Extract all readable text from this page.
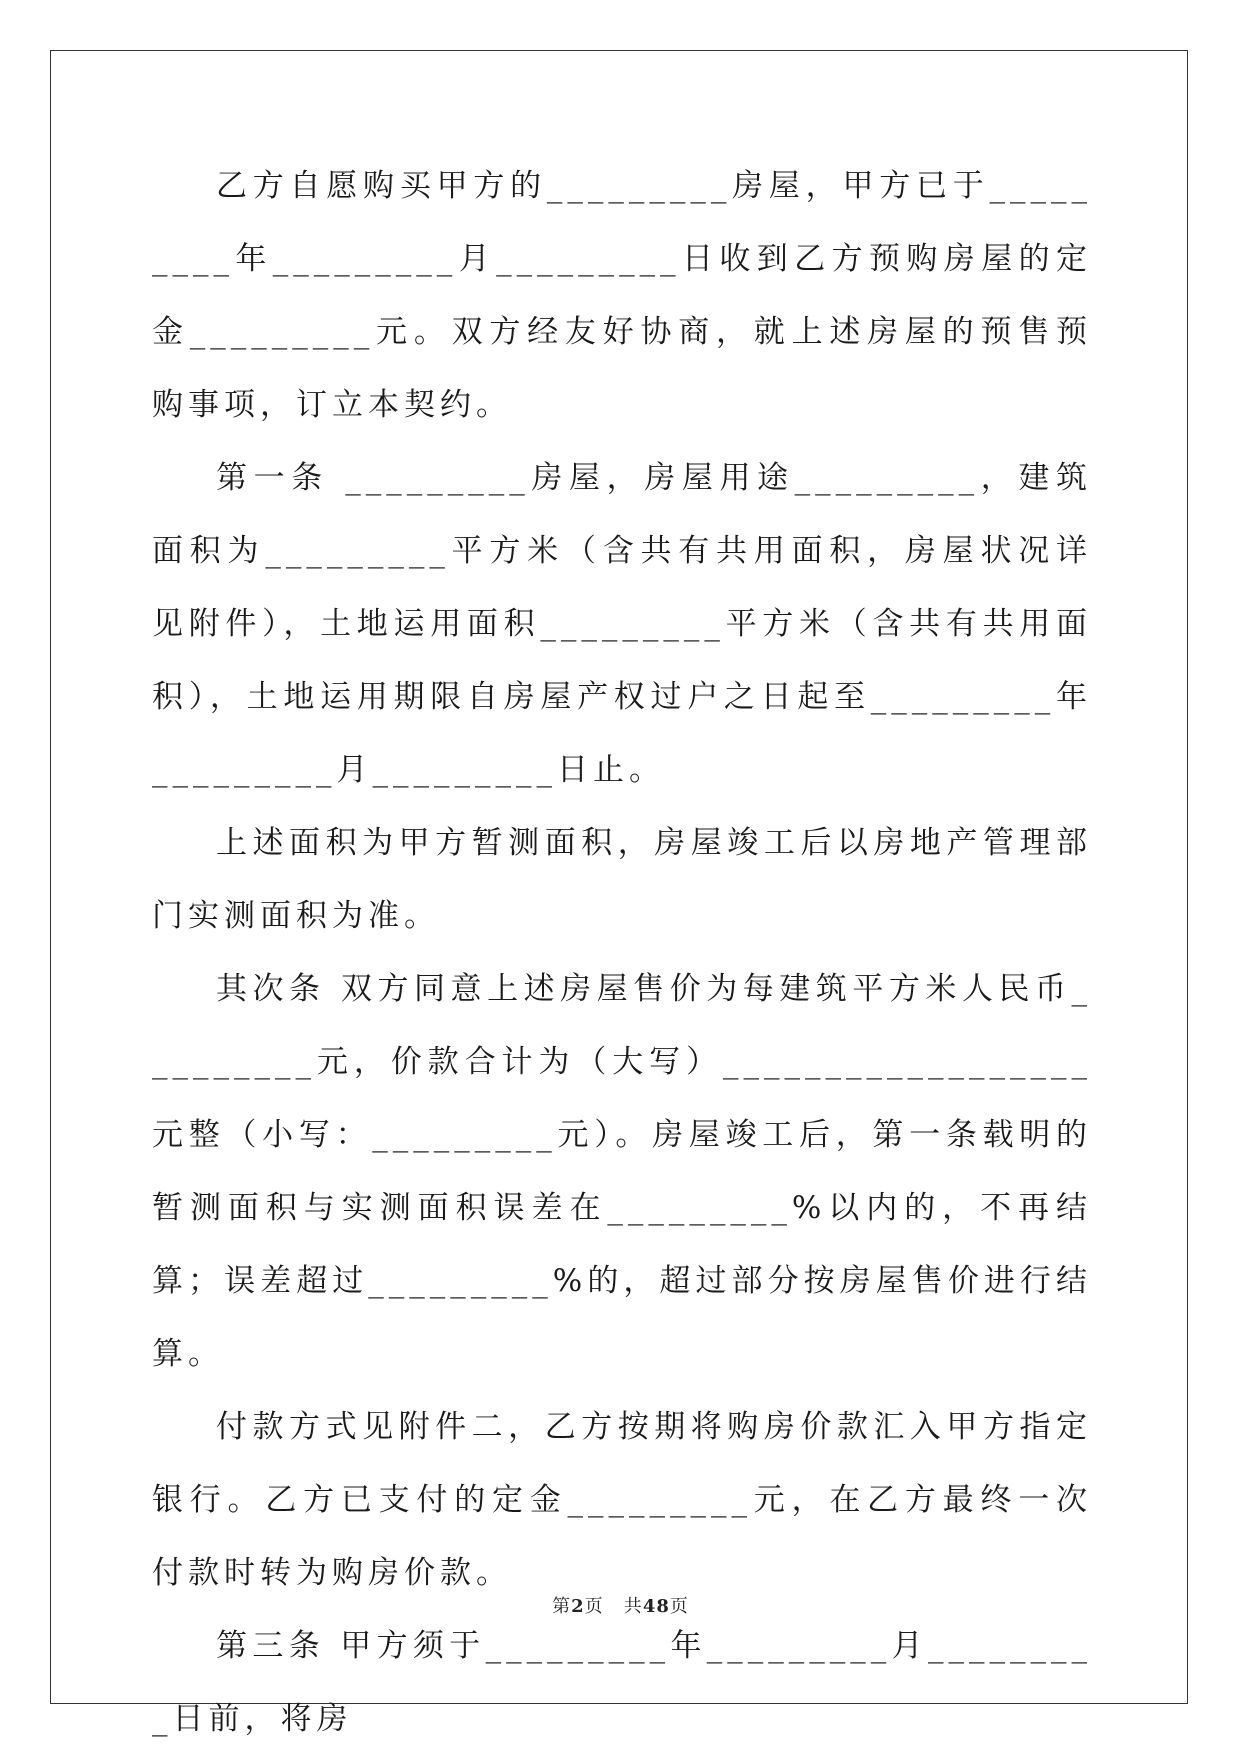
乙方自愿购买甲方的_________房屋，甲方已于_________年_________月_________日收到乙方预购房屋的定金_________元。双方经友好协商，就上述房屋的预售预购事项，订立本契约。

第一条 _________房屋，房屋用途_________，建筑面积为_________平方米（含共有共用面积，房屋状况详见附件），土地运用面积_________平方米（含共有共用面积），土地运用期限自房屋产权过户之日起至_________年_________月_________日止。

上述面积为甲方暂测面积，房屋竣工后以房地产管理部门实测面积为准。

其次条 双方同意上述房屋售价为每建筑平方米人民币_________元，价款合计为（大写）__________________元整（小写：_________元）。房屋竣工后，第一条载明的暂测面积与实测面积误差在_________%以内的，不再结算；误差超过_________%的，超过部分按房屋售价进行结算。

付款方式见附件二，乙方按期将购房价款汇入甲方指定银行。乙方已支付的定金_________元，在乙方最终一次付款时转为购房价款。

第三条 甲方须于_________年_________月_________日前，将房

第2页   共48页
